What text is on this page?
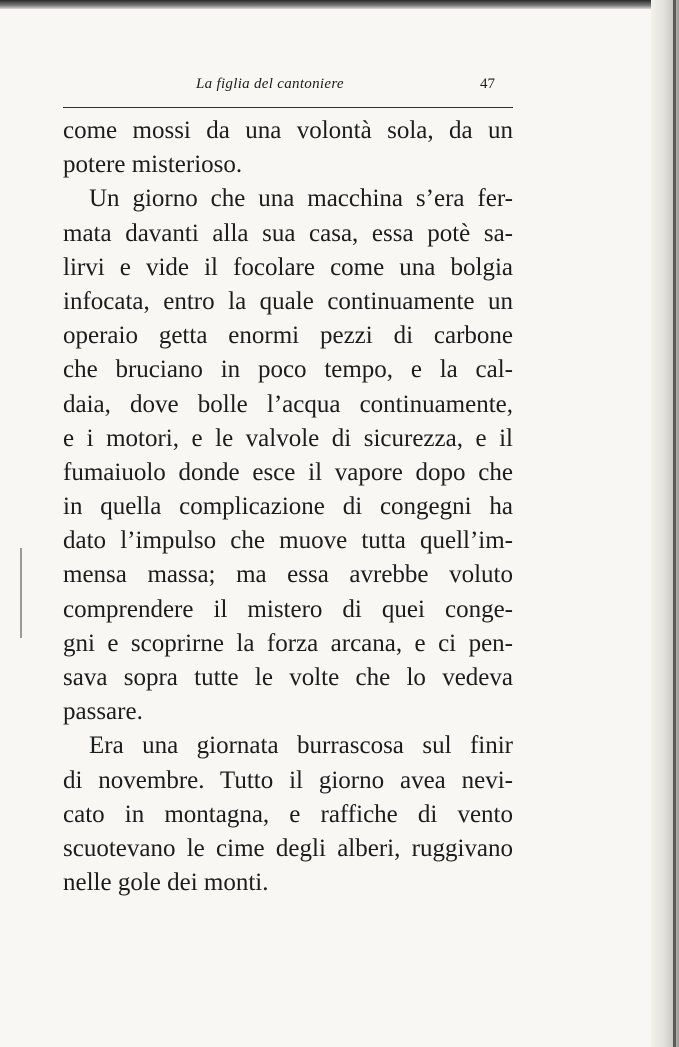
La figlia del cantoniere	47
come mossi da una volontà sola, da un
potere misterioso.
Un giorno che una macchina s’era fer-
mata davanti alla sua casa, essa potè sa-
lirvi e vide il focolare come una bolgia
infocata, entro la quale continuamente un
operaio getta enormi pezzi di carbone
che bruciano in poco tempo, e la cal-
daia, dove bolle l’acqua continuamente,
e i motori, e le valvole di sicurezza, e il
fumaiuolo donde esce il vapore dopo che
in quella complicazione di congegni ha
dato l’impulso che muove tutta quell’im-
mensa massa; ma essa avrebbe voluto
comprendere il mistero di quei conge-
gni e scoprirne la forza arcana, e ci pen-
sava sopra tutte le volte che lo vedeva
passare.
Era una giornata burrascosa sul finir
di novembre. Tutto il giorno avea nevi-
cato in montagna, e raffiche di vento
scuotevano le cime degli alberi, ruggivano
nelle gole dei monti.
